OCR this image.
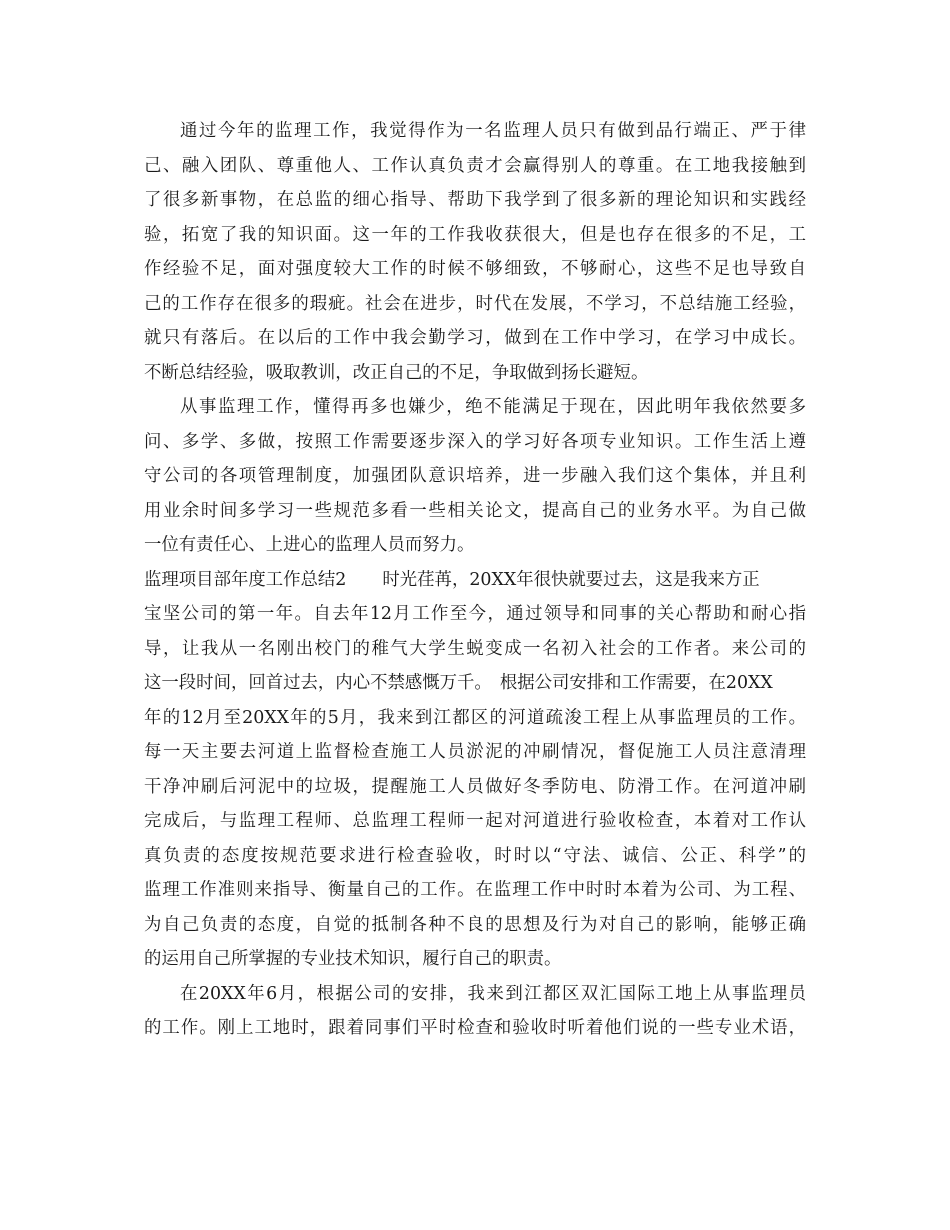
通过今年的监理工作，我觉得作为一名监理人员只有做到品行端正、严于律
己、融入团队、尊重他人、工作认真负责才会赢得别人的尊重。在工地我接触到
了很多新事物，在总监的细心指导、帮助下我学到了很多新的理论知识和实践经
验，拓宽了我的知识面。这一年的工作我收获很大，但是也存在很多的不足，工
作经验不足，面对强度较大工作的时候不够细致，不够耐心，这些不足也导致自
己的工作存在很多的瑕疵。社会在进步，时代在发展，不学习，不总结施工经验，
就只有落后。在以后的工作中我会勤学习，做到在工作中学习，在学习中成长。
不断总结经验，吸取教训，改正自己的不足，争取做到扬长避短。
从事监理工作，懂得再多也嫌少，绝不能满足于现在，因此明年我依然要多
问、多学、多做，按照工作需要逐步深入的学习好各项专业知识。工作生活上遵
守公司的各项管理制度，加强团队意识培养，进一步融入我们这个集体，并且利
用业余时间多学习一些规范多看一些相关论文，提高自己的业务水平。为自己做
一位有责任心、上进心的监理人员而努力。
监理项目部年度工作总结2 时光荏苒，20XX年很快就要过去，这是我来方正
宝坚公司的第一年。自去年12月工作至今，通过领导和同事的关心帮助和耐心指
导，让我从一名刚出校门的稚气大学生蜕变成一名初入社会的工作者。来公司的
这一段时间，回首过去，内心不禁感慨万千。 根据公司安排和工作需要，在20XX
年的12月至20XX年的5月，我来到江都区的河道疏浚工程上从事监理员的工作。
每一天主要去河道上监督检查施工人员淤泥的冲刷情况，督促施工人员注意清理
干净冲刷后河泥中的垃圾，提醒施工人员做好冬季防电、防滑工作。在河道冲刷
完成后，与监理工程师、总监理工程师一起对河道进行验收检查，本着对工作认
真负责的态度按规范要求进行检查验收，时时以“守法、诚信、公正、科学”的
监理工作准则来指导、衡量自己的工作。在监理工作中时时本着为公司、为工程、
为自己负责的态度，自觉的抵制各种不良的思想及行为对自己的影响，能够正确
的运用自己所掌握的专业技术知识，履行自己的职责。
在20XX年6月，根据公司的安排，我来到江都区双汇国际工地上从事监理员
的工作。刚上工地时，跟着同事们平时检查和验收时听着他们说的一些专业术语，
